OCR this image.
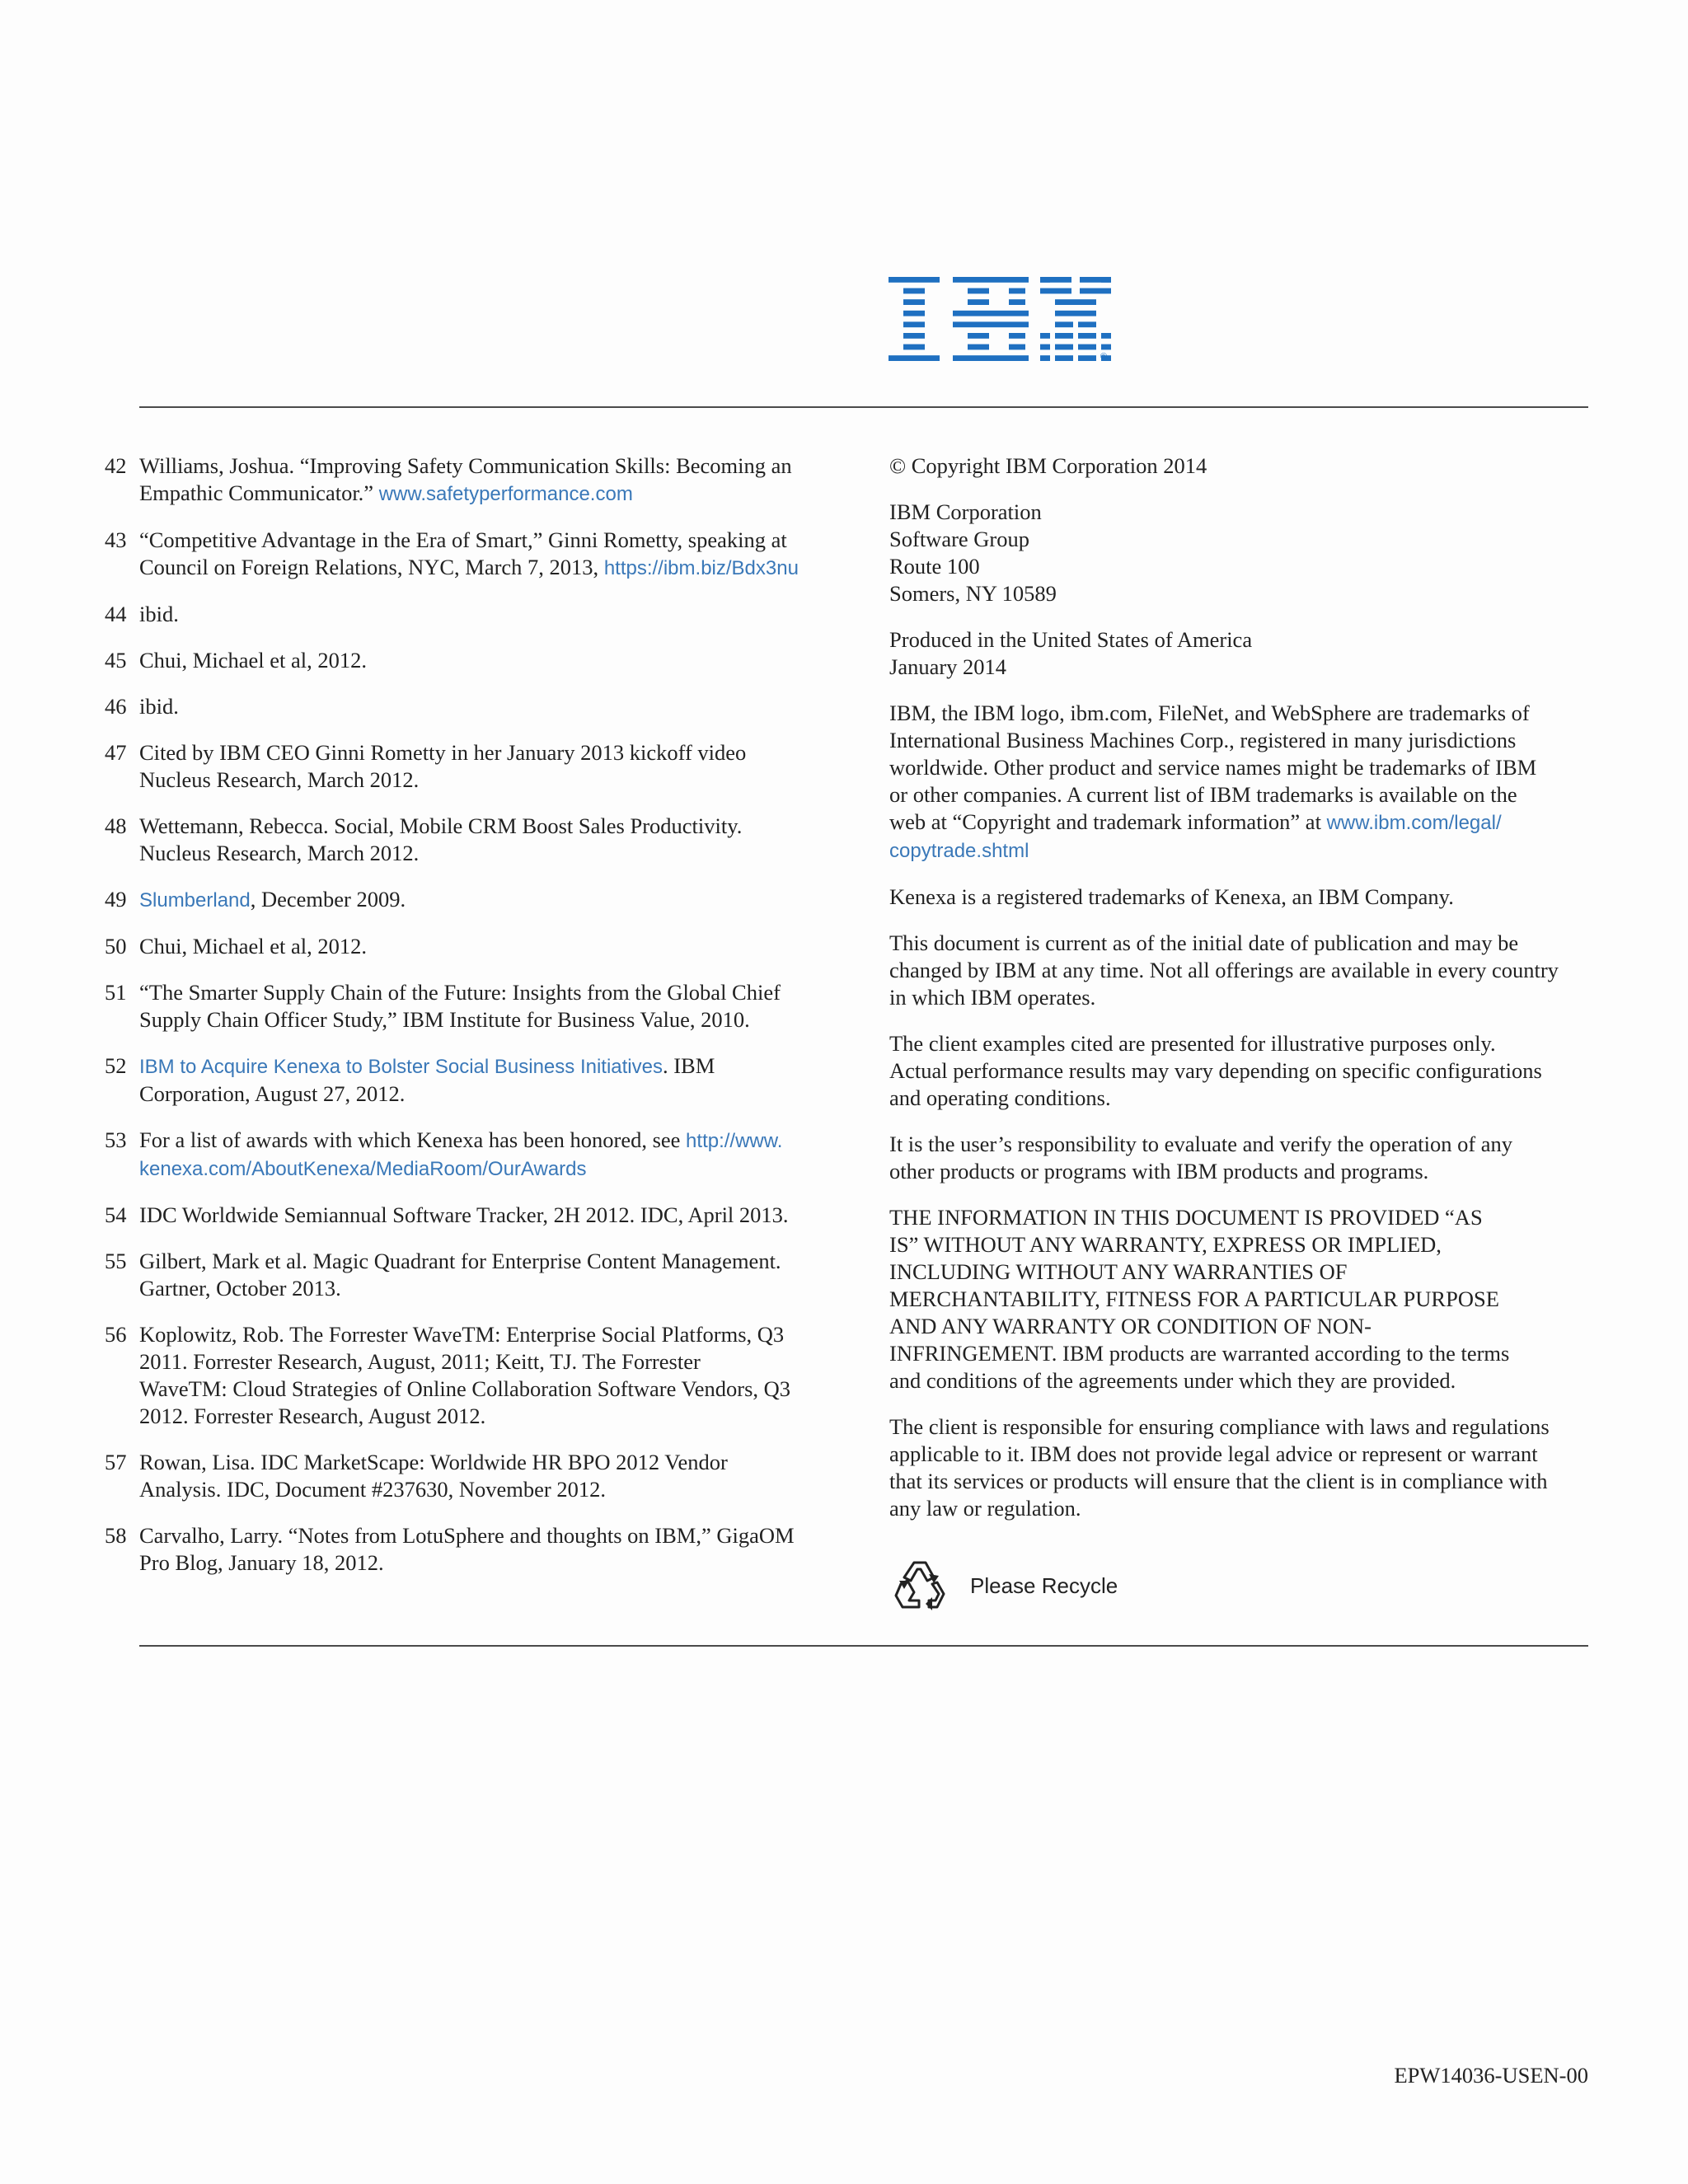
®
42 Williams, Joshua. “Improving Safety Communication Skills: Becoming an
Empathic Communicator.” www.safetyperformance.com
43 “Competitive Advantage in the Era of Smart,” Ginni Rometty, speaking at
Council on Foreign Relations, NYC, March 7, 2013, https://ibm.biz/Bdx3nu
44 ibid.
45 Chui, Michael et al, 2012.
46 ibid.
47 Cited by IBM CEO Ginni Rometty in her January 2013 kickoff video
Nucleus Research, March 2012.
48 Wettemann, Rebecca. Social, Mobile CRM Boost Sales Productivity.
Nucleus Research, March 2012.
49 Slumberland, December 2009.
50 Chui, Michael et al, 2012.
51 “The Smarter Supply Chain of the Future: Insights from the Global Chief
Supply Chain Officer Study,” IBM Institute for Business Value, 2010.
52 IBM to Acquire Kenexa to Bolster Social Business Initiatives. IBM
Corporation, August 27, 2012.
53 For a list of awards with which Kenexa has been honored, see http://www.
kenexa.com/AboutKenexa/MediaRoom/OurAwards
54 IDC Worldwide Semiannual Software Tracker, 2H 2012. IDC, April 2013.
55 Gilbert, Mark et al. Magic Quadrant for Enterprise Content Management.
Gartner, October 2013.
56 Koplowitz, Rob. The Forrester WaveTM: Enterprise Social Platforms, Q3
2011. Forrester Research, August, 2011; Keitt, TJ. The Forrester
WaveTM: Cloud Strategies of Online Collaboration Software Vendors, Q3
2012. Forrester Research, August 2012.
57 Rowan, Lisa. IDC MarketScape: Worldwide HR BPO 2012 Vendor
Analysis. IDC, Document #237630, November 2012.
58 Carvalho, Larry. “Notes from LotuSphere and thoughts on IBM,” GigaOM
Pro Blog, January 18, 2012.
© Copyright IBM Corporation 2014
IBM Corporation
Software Group
Route 100
Somers, NY 10589
Produced in the United States of America
January 2014
IBM, the IBM logo, ibm.com, FileNet, and WebSphere are trademarks of
International Business Machines Corp., registered in many jurisdictions
worldwide. Other product and service names might be trademarks of IBM
or other companies. A current list of IBM trademarks is available on the
web at “Copyright and trademark information” at www.ibm.com/legal/
copytrade.shtml
Kenexa is a registered trademarks of Kenexa, an IBM Company.
This document is current as of the initial date of publication and may be
changed by IBM at any time. Not all offerings are available in every country
in which IBM operates.
The client examples cited are presented for illustrative purposes only.
Actual performance results may vary depending on specific configurations
and operating conditions.
It is the user’s responsibility to evaluate and verify the operation of any
other products or programs with IBM products and programs.
THE INFORMATION IN THIS DOCUMENT IS PROVIDED “AS
IS” WITHOUT ANY WARRANTY, EXPRESS OR IMPLIED,
INCLUDING WITHOUT ANY WARRANTIES OF
MERCHANTABILITY, FITNESS FOR A PARTICULAR PURPOSE
AND ANY WARRANTY OR CONDITION OF NON-
INFRINGEMENT. IBM products are warranted according to the terms
and conditions of the agreements under which they are provided.
The client is responsible for ensuring compliance with laws and regulations
applicable to it. IBM does not provide legal advice or represent or warrant
that its services or products will ensure that the client is in compliance with
any law or regulation.
Please Recycle
EPW14036-USEN-00
